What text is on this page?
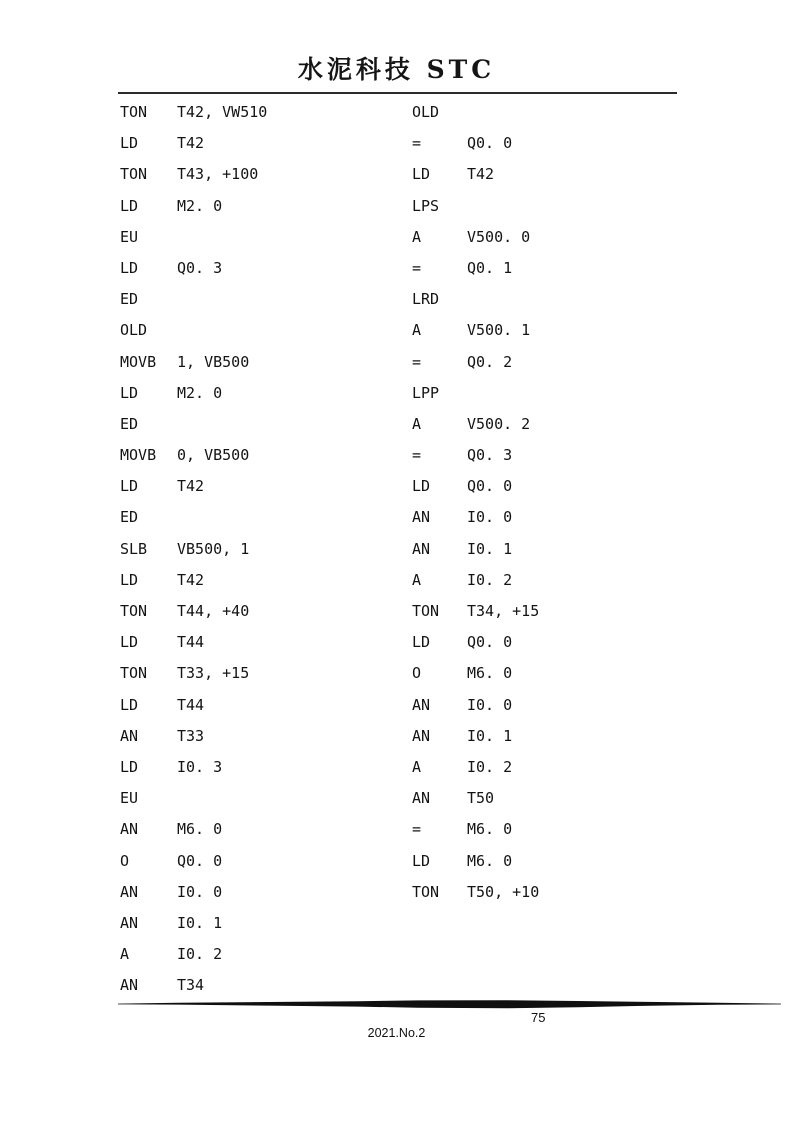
水泥科技 STC
TON	T42, VW510
LD	T42
TON	T43, +100
LD	M2. 0
EU
LD	Q0. 3
ED
OLD
MOVB	1, VB500
LD	M2. 0
ED
MOVB	0, VB500
LD	T42
ED
SLB	VB500, 1
LD	T42
TON	T44, +40
LD	T44
TON	T33, +15
LD	T44
AN	T33
LD	I0. 3
EU
AN	M6. 0
O	Q0. 0
AN	I0. 0
AN	I0. 1
A	I0. 2
AN	T34
OLD
=	Q0. 0
LD	T42
LPS
A	V500. 0
=	Q0. 1
LRD
A	V500. 1
=	Q0. 2
LPP
A	V500. 2
=	Q0. 3
LD	Q0. 0
AN	I0. 0
AN	I0. 1
A	I0. 2
TON	T34, +15
LD	Q0. 0
O	M6. 0
AN	I0. 0
AN	I0. 1
A	I0. 2
AN	T50
=	M6. 0
LD	M6. 0
TON	T50, +10
75
2021.No.2
